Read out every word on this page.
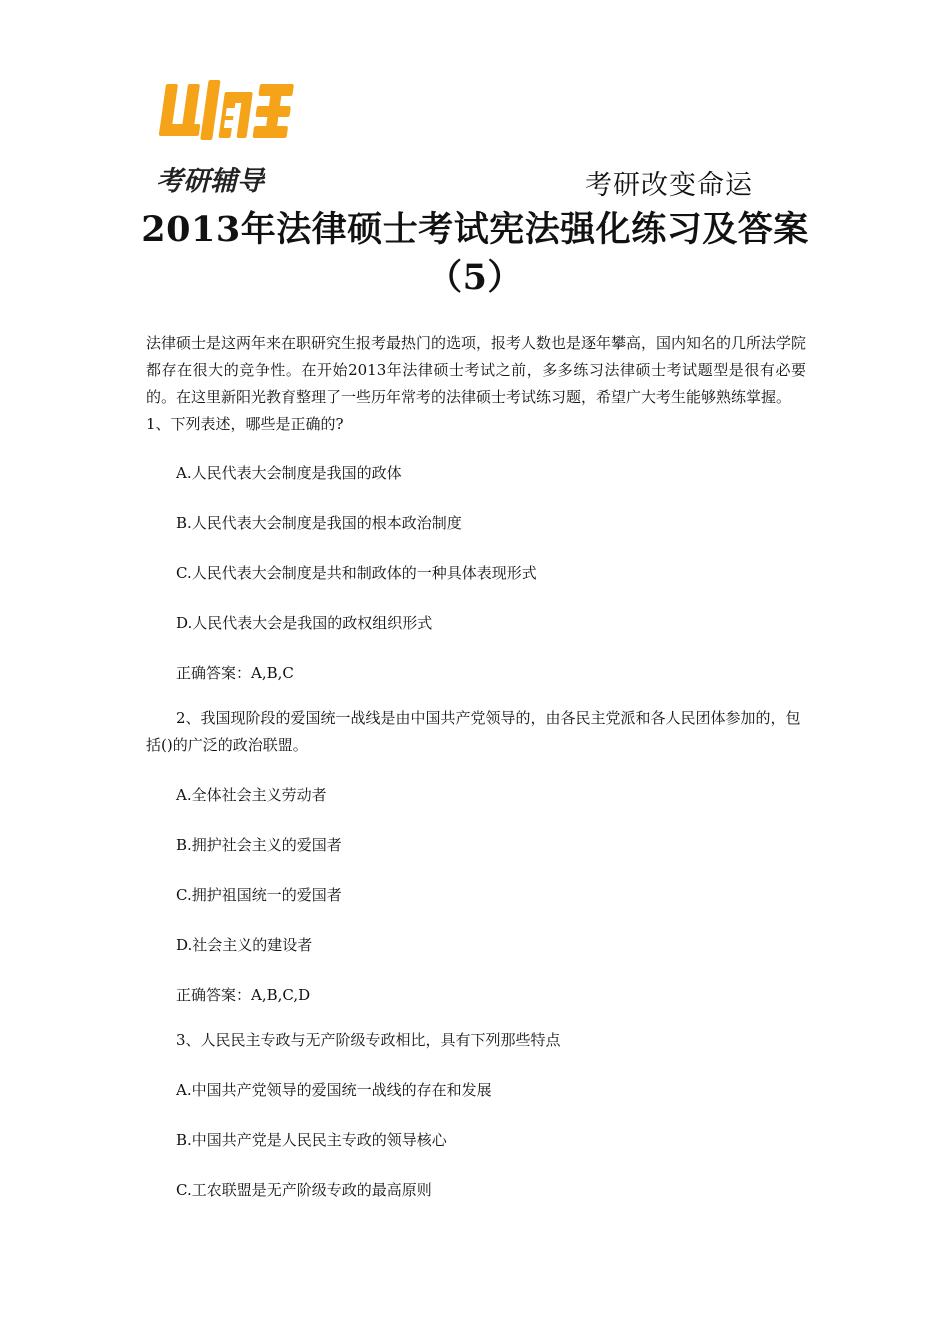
考研辅导	考研改变命运
2013年法律硕士考试宪法强化练习及答案（5）

法律硕士是这两年来在职研究生报考最热门的选项，报考人数也是逐年攀高，国内知名的几所法学院都存在很大的竞争性。在开始2013年法律硕士考试之前，多多练习法律硕士考试题型是很有必要的。在这里新阳光教育整理了一些历年常考的法律硕士考试练习题，希望广大考生能够熟练掌握。

1、下列表述，哪些是正确的?

A.人民代表大会制度是我国的政体

B.人民代表大会制度是我国的根本政治制度

C.人民代表大会制度是共和制政体的一种具体表现形式

D.人民代表大会是我国的政权组织形式

正确答案：A,B,C

2、我国现阶段的爱国统一战线是由中国共产党领导的，由各民主党派和各人民团体参加的，包括()的广泛的政治联盟。

A.全体社会主义劳动者

B.拥护社会主义的爱国者

C.拥护祖国统一的爱国者

D.社会主义的建设者

正确答案：A,B,C,D

3、人民民主专政与无产阶级专政相比，具有下列那些特点

A.中国共产党领导的爱国统一战线的存在和发展

B.中国共产党是人民民主专政的领导核心

C.工农联盟是无产阶级专政的最高原则
